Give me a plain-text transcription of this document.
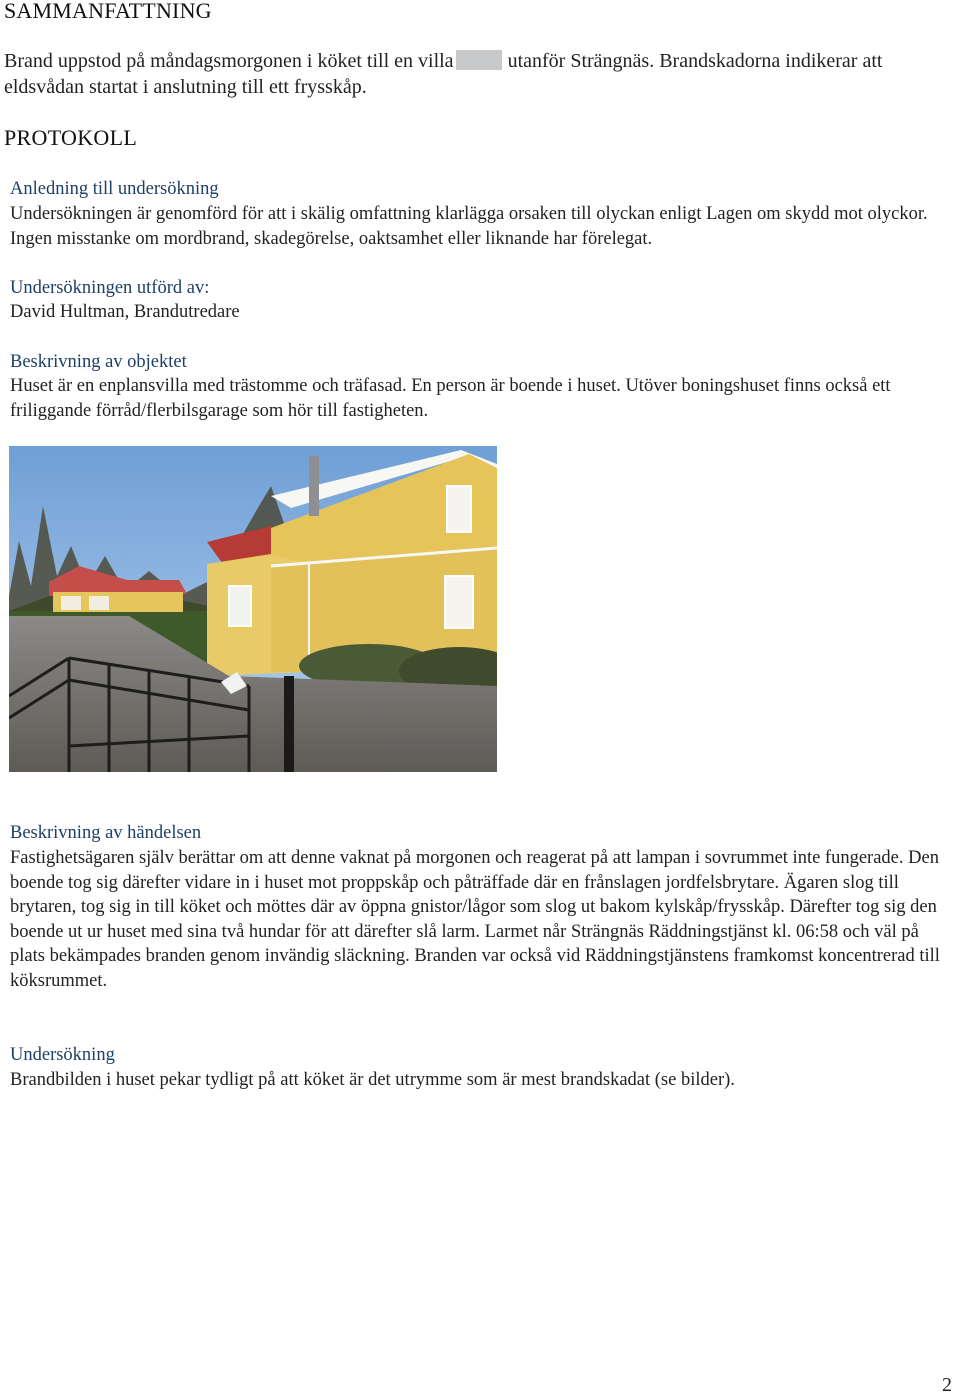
SAMMANFATTNING

Brand uppstod på måndagsmorgonen i köket till en villa	utanför Strängnäs. Brandskadorna indikerar att eldsvådan startat i anslutning till ett frysskåp.

PROTOKOLL
Anledning till undersökning

Undersökningen är genomförd för att i skälig omfattning klarlägga orsaken till olyckan enligt Lagen om skydd mot olyckor. Ingen misstanke om mordbrand, skadegörelse, oaktsamhet eller liknande har förelegat.

Undersökningen utförd av:

David Hultman, Brandutredare

Beskrivning av objektet

Huset är en enplansvilla med trästomme och träfasad. En person är boende i huset. Utöver boningshuset finns också ett friliggande förråd/flerbilsgarage som hör till fastigheten.

Beskrivning av händelsen

Fastighetsägaren själv berättar om att denne vaknat på morgonen och reagerat på att lampan i sovrummet inte fungerade. Den boende tog sig därefter vidare in i huset mot proppskåp och påträffade där en frånslagen jordfelsbrytare. Ägaren slog till brytaren, tog sig in till köket och möttes där av öppna gnistor/lågor som slog ut bakom kylskåp/frysskåp. Därefter tog sig den boende ut ur huset med sina två hundar för att därefter slå larm. Larmet når Strängnäs Räddningstjänst kl. 06:58 och väl på plats bekämpades branden genom invändig släckning. Branden var också vid Räddningstjänstens framkomst koncentrerad till köksrummet.

Undersökning

Brandbilden i huset pekar tydligt på att köket är det utrymme som är mest brandskadat (se bilder).

2
